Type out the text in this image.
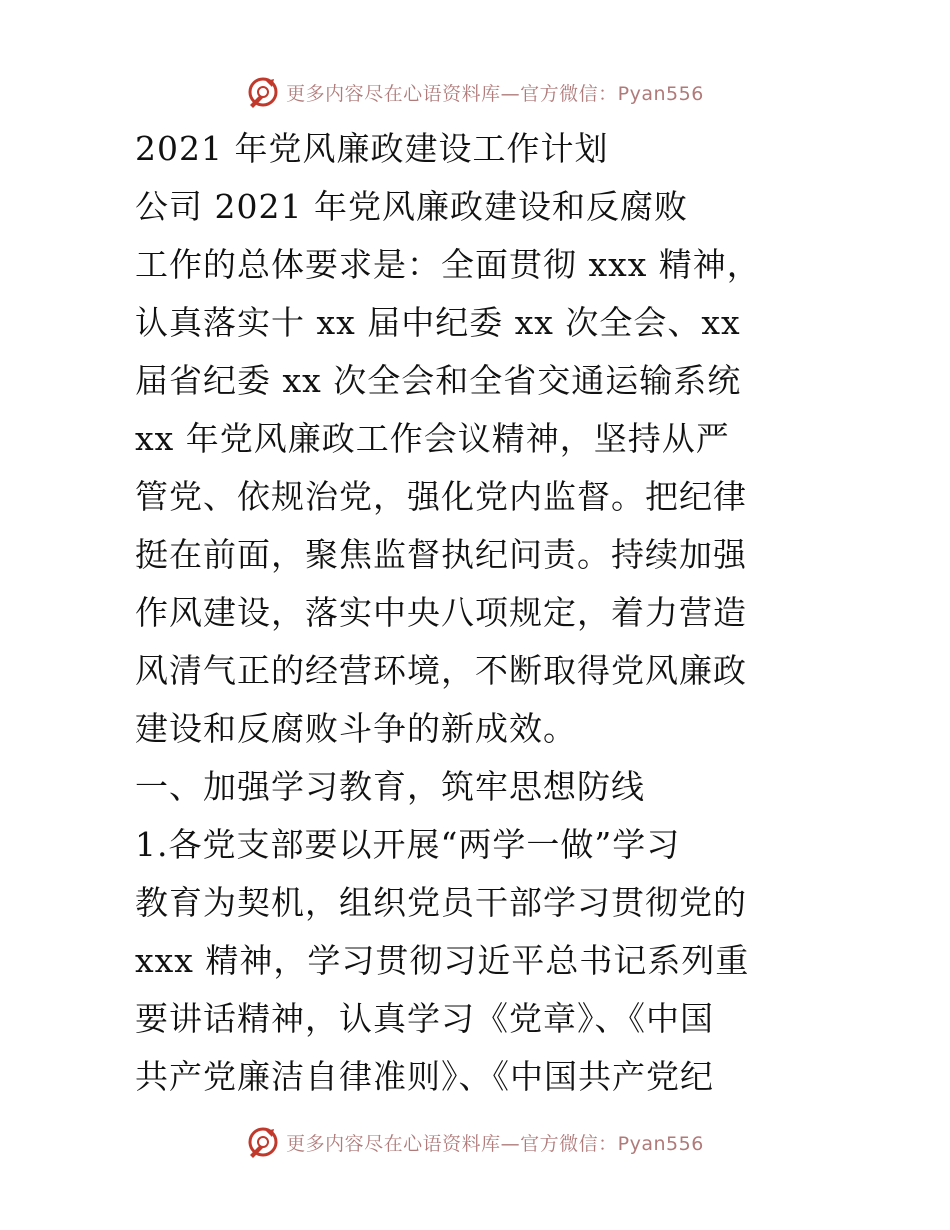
更多内容尽在心语资料库—官方微信：Pyan556
2021 年党风廉政建设工作计划
公司 2021 年党风廉政建设和反腐败
工作的总体要求是：全面贯彻 xxx 精神，
认真落实十 xx 届中纪委 xx 次全会、xx
届省纪委 xx 次全会和全省交通运输系统
xx 年党风廉政工作会议精神，坚持从严
管党、依规治党，强化党内监督。把纪律
挺在前面，聚焦监督执纪问责。持续加强
作风建设，落实中央八项规定，着力营造
风清气正的经营环境，不断取得党风廉政
建设和反腐败斗争的新成效。
一、加强学习教育，筑牢思想防线
1.各党支部要以开展“两学一做”学习
教育为契机，组织党员干部学习贯彻党的
xxx 精神，学习贯彻习近平总书记系列重
要讲话精神，认真学习《党章》、《中国
共产党廉洁自律准则》、《中国共产党纪
更多内容尽在心语资料库—官方微信：Pyan556
